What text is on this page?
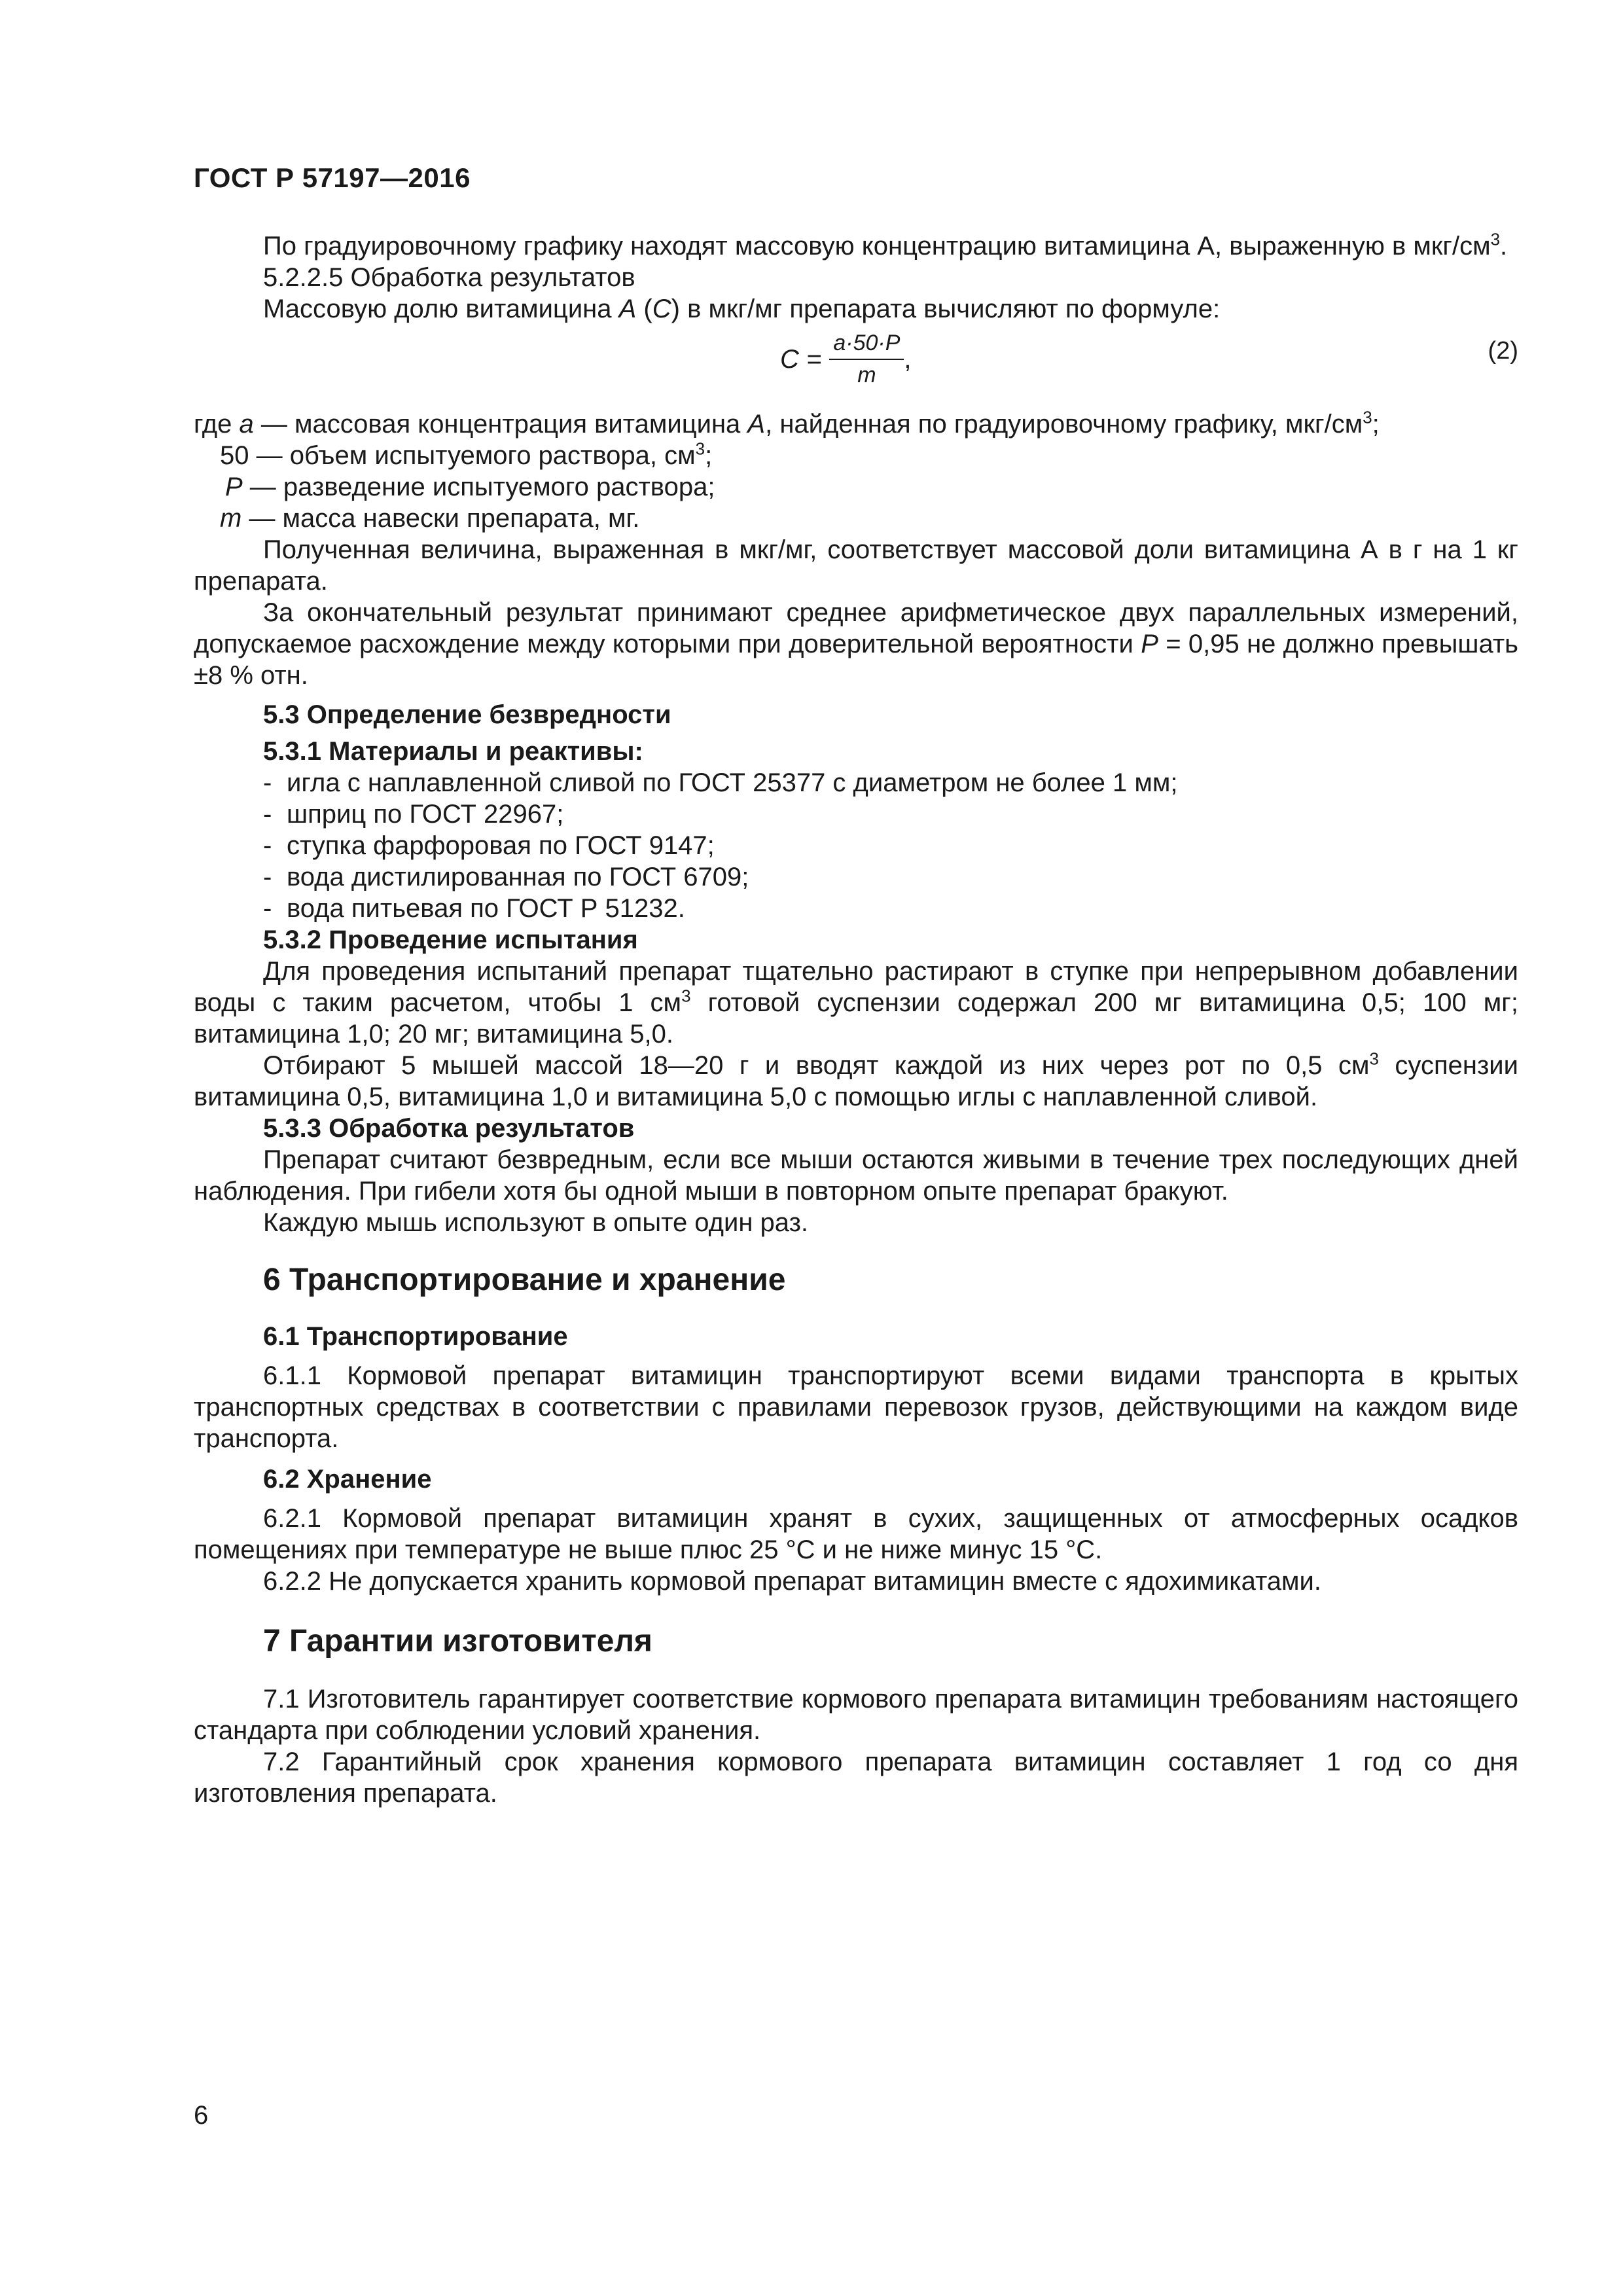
ГОСТ Р 57197—2016

По градуировочному графику находят массовую концентрацию витамицина А, выраженную в мкг/$см^3$.

5.2.2.5 Обработка результатов

Массовую долю витамицина А (С) в мкг/мг препарата вычисляют по формуле:

$C = \frac{a\cdot 50\cdot P}{m}$ ,	(2)

где a — массовая концентрация витамицина А, найденная по градуировочному графику, мкг/$см^3$;

50 — объем испытуемого раствора, $см^3$;

P — разведение испытуемого раствора;

m — масса навески препарата, мг.

Полученная величина, выраженная в мкг/мг, соответствует массовой доли витамицина А в г на 1 кг препарата.

За окончательный результат принимают среднее арифметическое двух параллельных измерений, допускаемое расхождение между которыми при доверительной вероятности Р = 0,95 не должно превышать ±8 % отн.

5.3 Определение безвредности

5.3.1 Материалы и реактивы:

- игла с наплавленной сливой по ГОСТ 25377 с диаметром не более 1 мм;

- шприц по ГОСТ 22967;

- ступка фарфоровая по ГОСТ 9147;

- вода дистилированная по ГОСТ 6709;

- вода питьевая по ГОСТ Р 51232.

5.3.2 Проведение испытания

Для проведения испытаний препарат тщательно растирают в ступке при непрерывном добавлении воды с таким расчетом, чтобы 1 $см^3$ готовой суспензии содержал 200 мг витамицина 0,5; 100 мг; витамицина 1,0; 20 мг; витамицина 5,0.

Отбирают 5 мышей массой 18—20 г и вводят каждой из них через рот по 0,5 $см^3$ суспензии витамицина 0,5, витамицина 1,0 и витамицина 5,0 с помощью иглы с наплавленной сливой.

5.3.3 Обработка результатов

Препарат считают безвредным, если все мыши остаются живыми в течение трех последующих дней наблюдения. При гибели хотя бы одной мыши в повторном опыте препарат бракуют.

Каждую мышь используют в опыте один раз.

6 Транспортирование и хранение

6.1 Транспортирование

6.1.1 Кормовой препарат витамицин транспортируют всеми видами транспорта в крытых транспортных средствах в соответствии с правилами перевозок грузов, действующими на каждом виде транспорта.

6.2 Хранение

6.2.1 Кормовой препарат витамицин хранят в сухих, защищенных от атмосферных осадков помещениях при температуре не выше плюс 25 °С и не ниже минус 15 °С.

6.2.2 Не допускается хранить кормовой препарат витамицин вместе с ядохимикатами.

7 Гарантии изготовителя

7.1 Изготовитель гарантирует соответствие кормового препарата витамицин требованиям настоящего стандарта при соблюдении условий хранения.

7.2 Гарантийный срок хранения кормового препарата витамицин составляет 1 год со дня изготовления препарата.

6
